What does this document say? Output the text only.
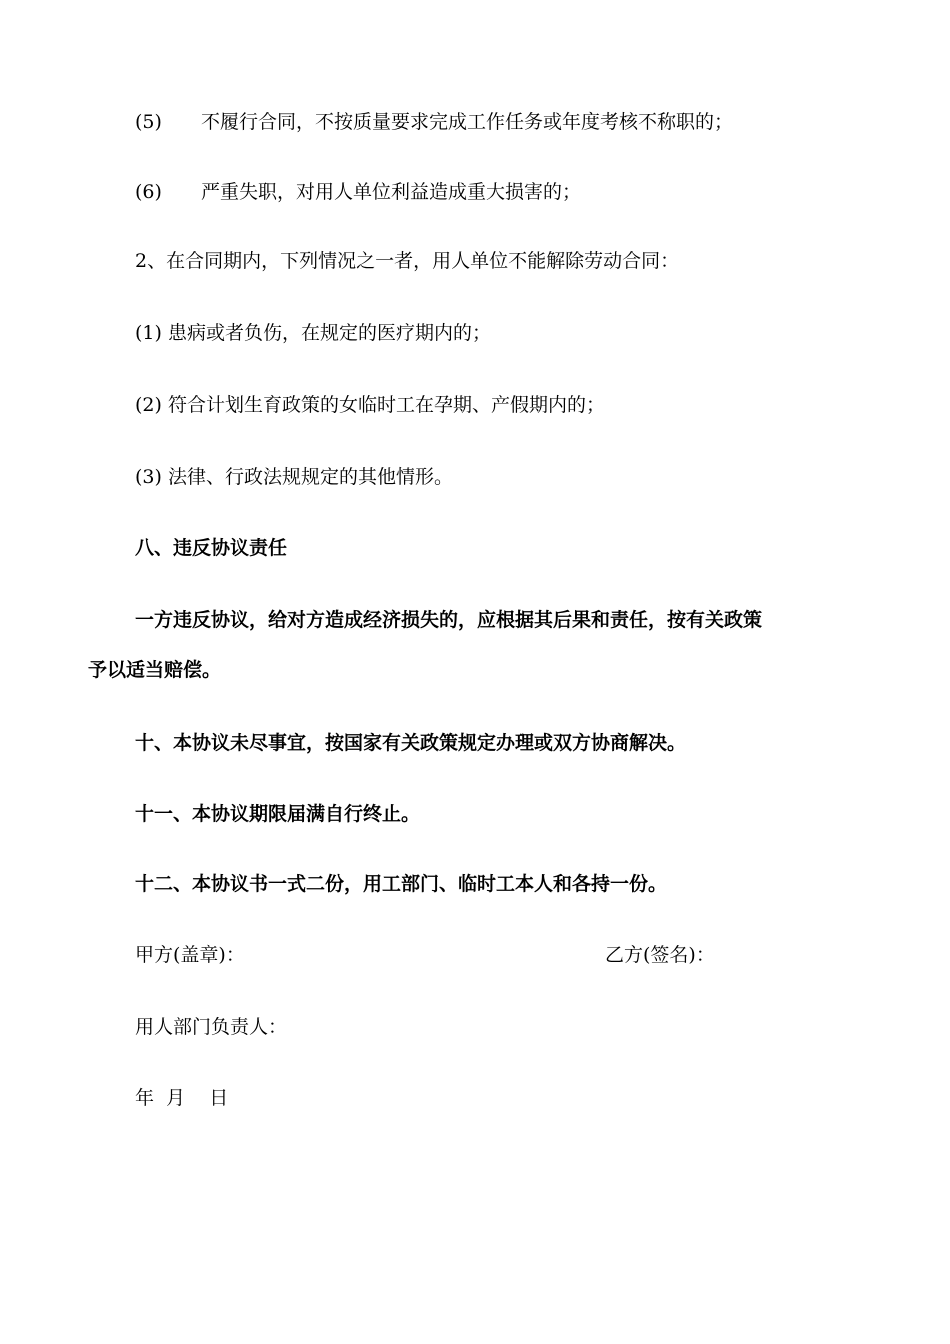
(5) 不履行合同，不按质量要求完成工作任务或年度考核不称职的；
(6) 严重失职，对用人单位利益造成重大损害的；
2、在合同期内，下列情况之一者，用人单位不能解除劳动合同：
(1) 患病或者负伤，在规定的医疗期内的；
(2) 符合计划生育政策的女临时工在孕期、产假期内的；
(3) 法律、行政法规规定的其他情形。
八、违反协议责任
一方违反协议，给对方造成经济损失的，应根据其后果和责任，按有关政策
予以适当赔偿。
十、本协议未尽事宜，按国家有关政策规定办理或双方协商解决。
十一、本协议期限届满自行终止。
十二、本协议书一式二份，用工部门、临时工本人和各持一份。
甲方(盖章)：	乙方(签名)：
用人部门负责人：
年  月    日
